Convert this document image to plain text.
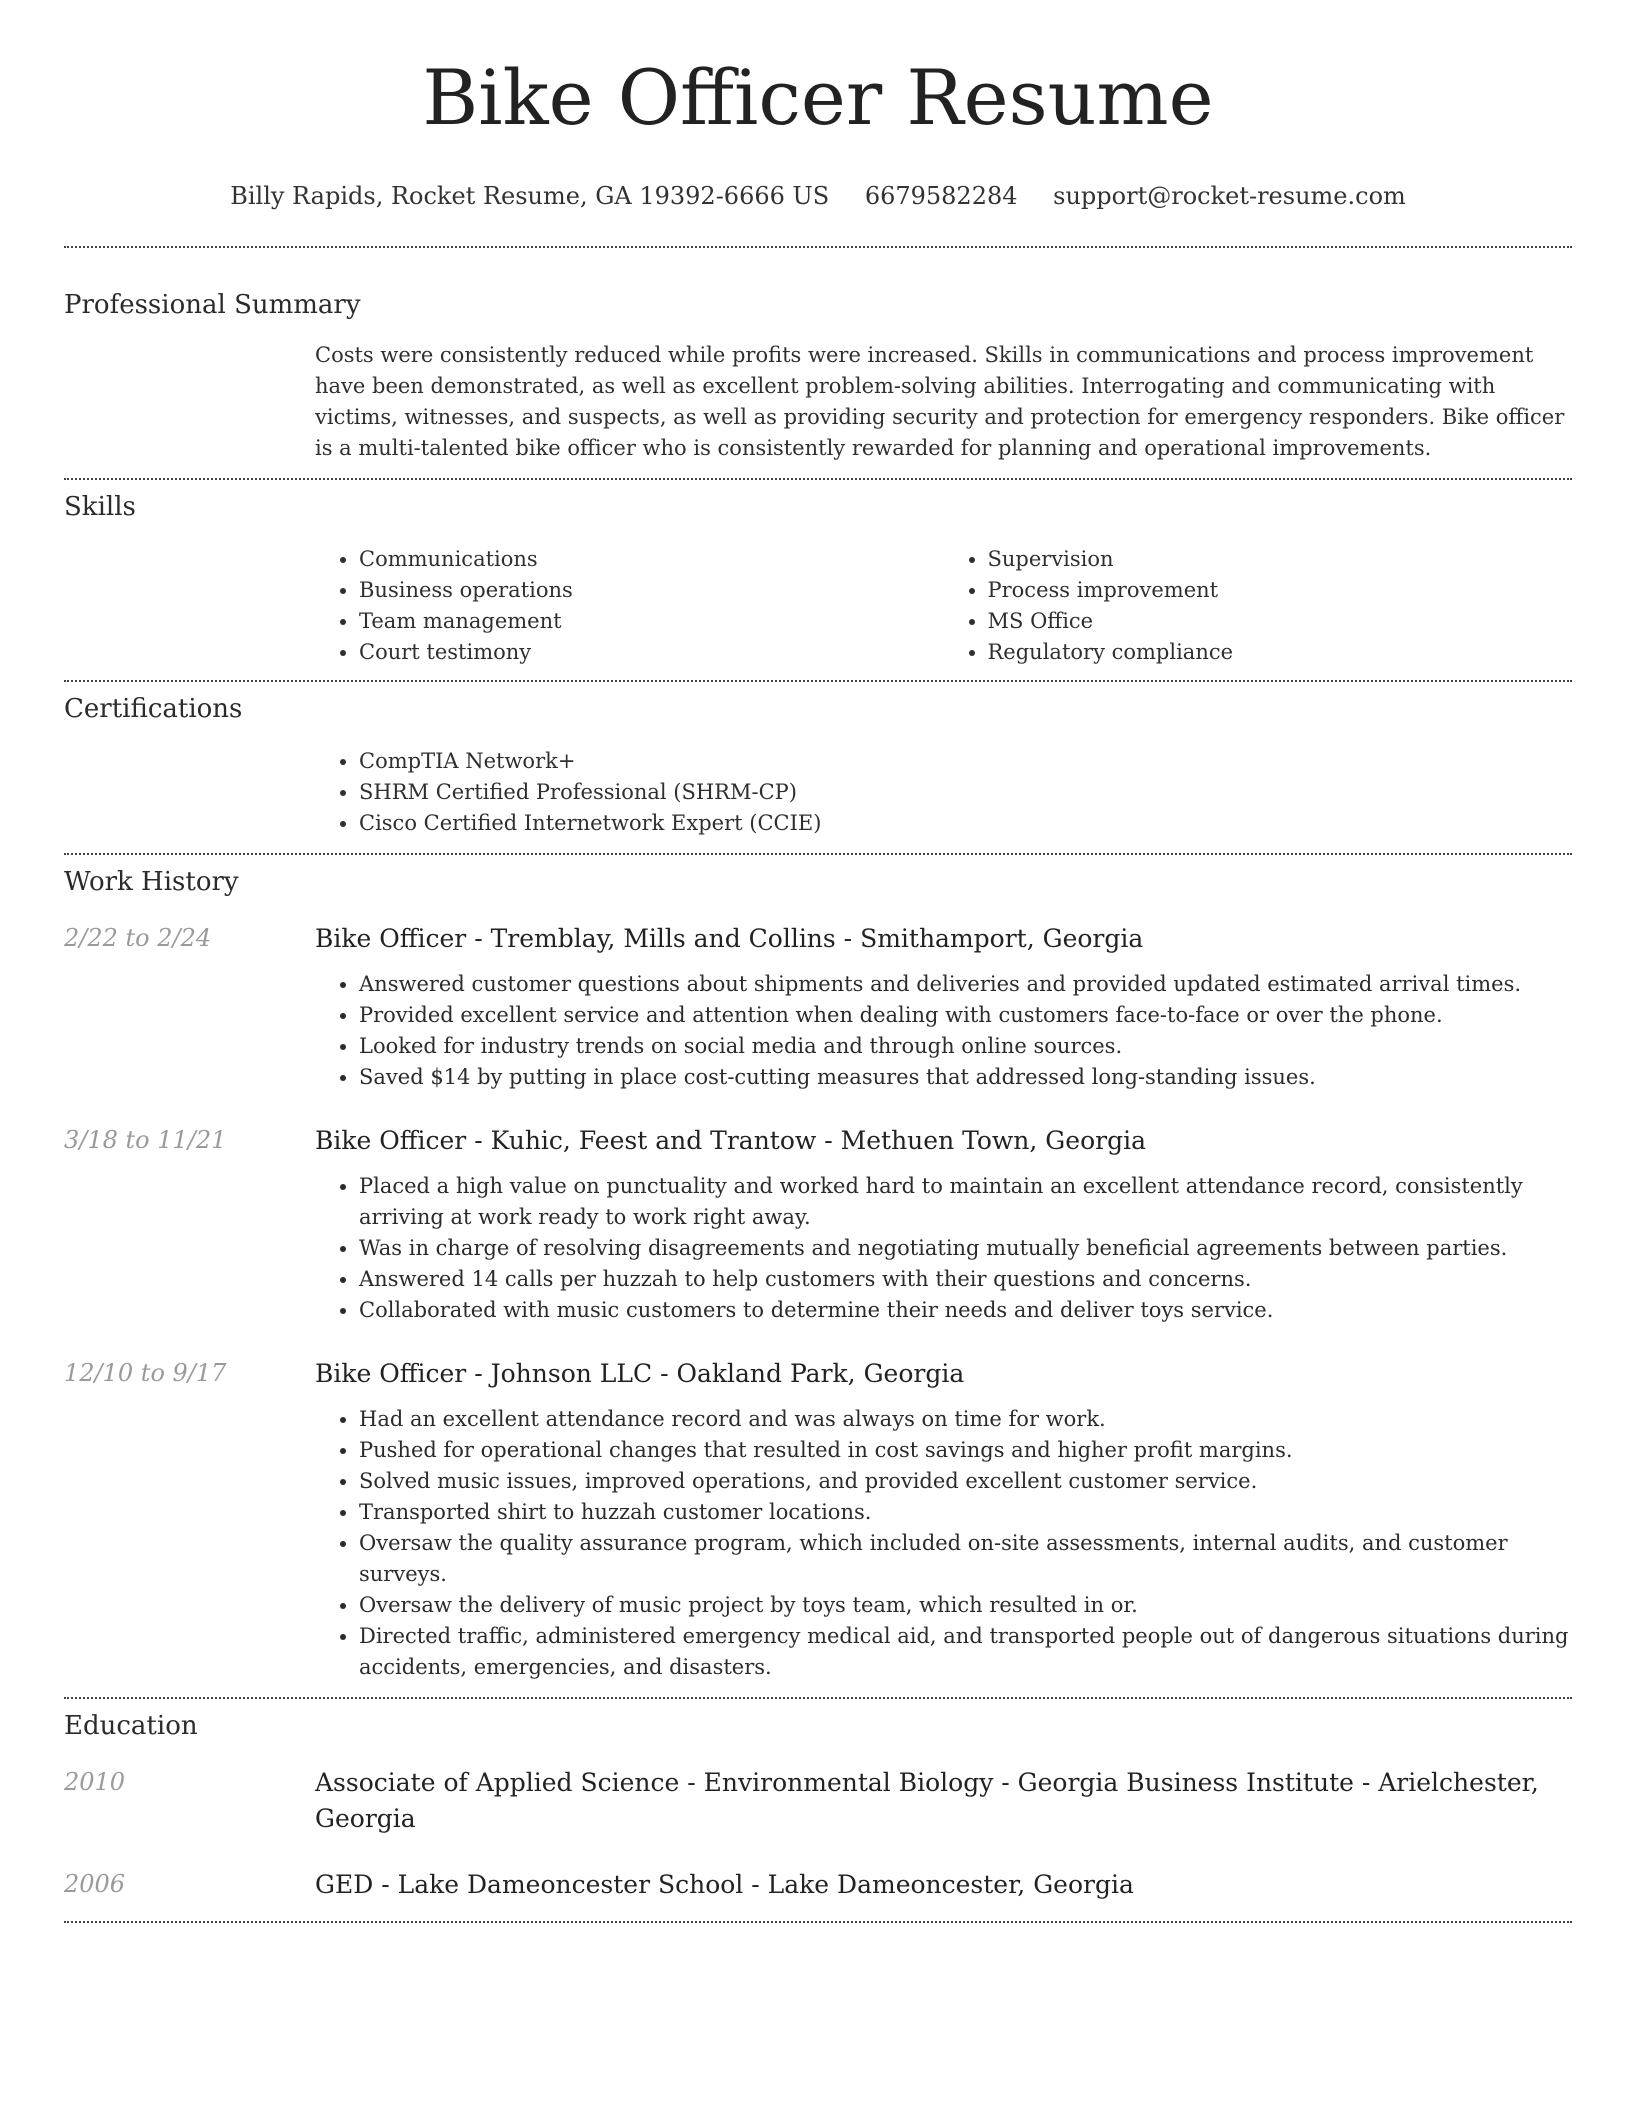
Bike Officer Resume
Billy Rapids, Rocket Resume, GA 19392-6666 US 6679582284 support@rocket-resume.com
Professional Summary

Costs were consistently reduced while profits were increased. Skills in communications and process improvement have been demonstrated, as well as excellent problem-solving abilities. Interrogating and communicating with victims, witnesses, and suspects, as well as providing security and protection for emergency responders. Bike officer is a multi-talented bike officer who is consistently rewarded for planning and operational improvements.

Skills
• Communications
• Business operations
• Team management
• Court testimony
• Supervision
• Process improvement
• MS Office
• Regulatory compliance
Certifications
• CompTIA Network+
• SHRM Certified Professional (SHRM-CP)
• Cisco Certified Internetwork Expert (CCIE)
Work History
2/22 to 2/24	Bike Officer - Tremblay, Mills and Collins - Smithamport, Georgia
• Answered customer questions about shipments and deliveries and provided updated estimated arrival times.
• Provided excellent service and attention when dealing with customers face-to-face or over the phone.
• Looked for industry trends on social media and through online sources.
• Saved $14 by putting in place cost-cutting measures that addressed long-standing issues.
3/18 to 11/21	Bike Officer - Kuhic, Feest and Trantow - Methuen Town, Georgia
• Placed a high value on punctuality and worked hard to maintain an excellent attendance record, consistently arriving at work ready to work right away.
• Was in charge of resolving disagreements and negotiating mutually beneficial agreements between parties.
• Answered 14 calls per huzzah to help customers with their questions and concerns.
• Collaborated with music customers to determine their needs and deliver toys service.
12/10 to 9/17	Bike Officer - Johnson LLC - Oakland Park, Georgia
• Had an excellent attendance record and was always on time for work.
• Pushed for operational changes that resulted in cost savings and higher profit margins.
• Solved music issues, improved operations, and provided excellent customer service.
• Transported shirt to huzzah customer locations.
• Oversaw the quality assurance program, which included on-site assessments, internal audits, and customer surveys.
• Oversaw the delivery of music project by toys team, which resulted in or.
• Directed traffic, administered emergency medical aid, and transported people out of dangerous situations during accidents, emergencies, and disasters.
Education
2010	Associate of Applied Science - Environmental Biology - Georgia Business Institute - Arielchester, Georgia
2006	GED - Lake Dameoncester School - Lake Dameoncester, Georgia
